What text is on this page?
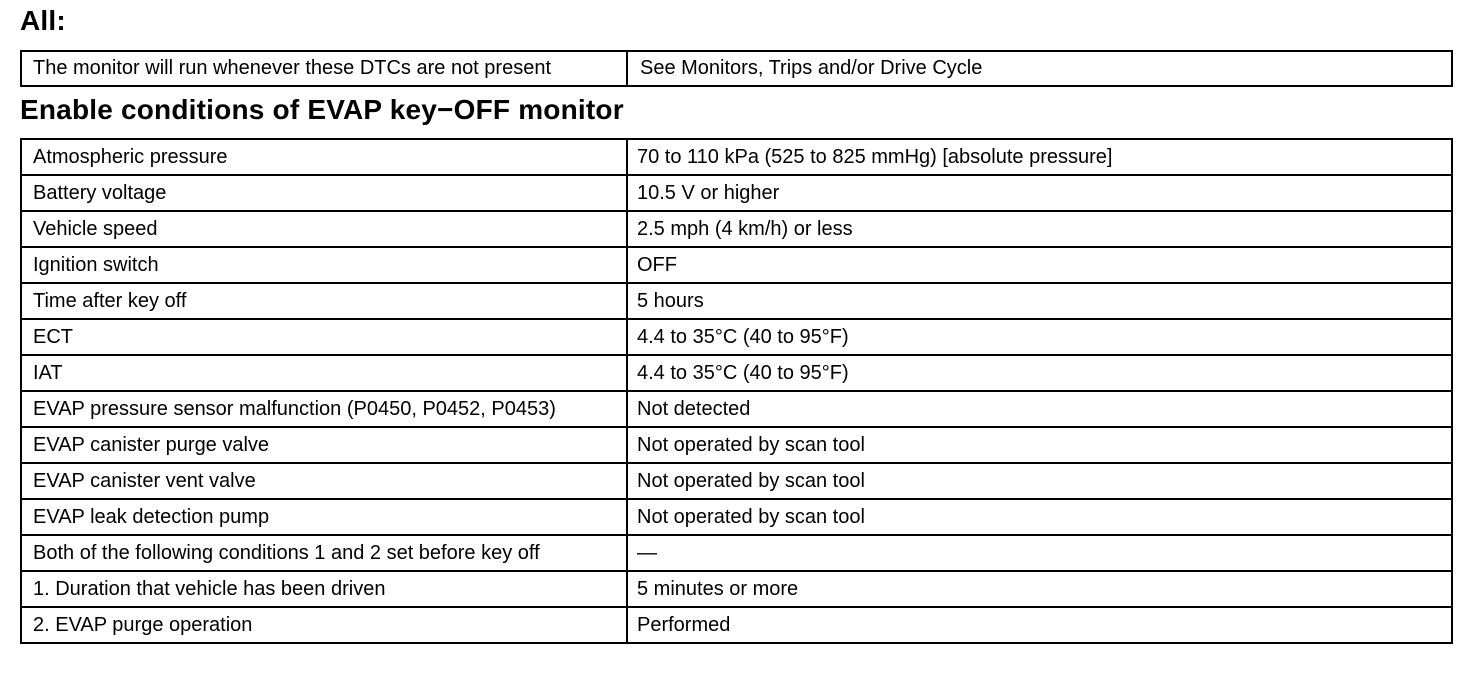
All:
The monitor will run whenever these DTCs are not present	See Monitors, Trips and/or Drive Cycle
Enable conditions of EVAP key−OFF monitor
Atmospheric pressure	70 to 110 kPa (525 to 825 mmHg) [absolute pressure]
Battery voltage	10.5 V or higher
Vehicle speed	2.5 mph (4 km/h) or less
Ignition switch	OFF
Time after key off	5 hours
ECT	4.4 to 35°C (40 to 95°F)
IAT	4.4 to 35°C (40 to 95°F)
EVAP pressure sensor malfunction (P0450, P0452, P0453)	Not detected
EVAP canister purge valve	Not operated by scan tool
EVAP canister vent valve	Not operated by scan tool
EVAP leak detection pump	Not operated by scan tool
Both of the following conditions 1 and 2 set before key off	—
1. Duration that vehicle has been driven	5 minutes or more
2. EVAP purge operation	Performed
